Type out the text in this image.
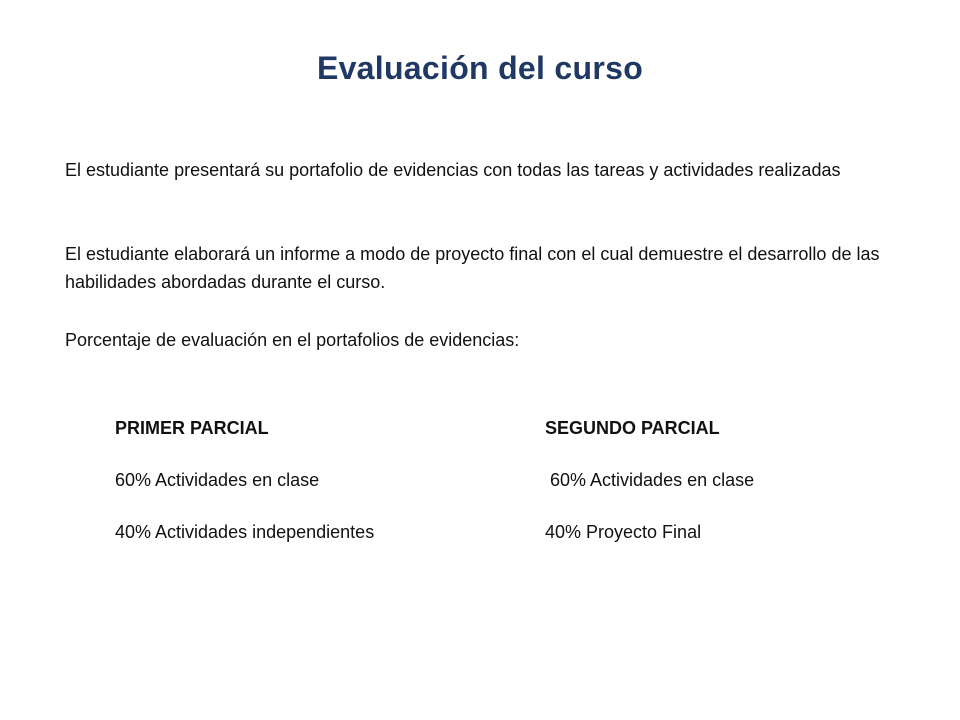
Evaluación del curso
El estudiante presentará su portafolio de evidencias con todas las tareas y actividades realizadas
El estudiante elaborará un informe a modo de proyecto final con el cual demuestre el desarrollo de las habilidades abordadas durante el curso.
Porcentaje de evaluación en el portafolios de evidencias:
PRIMER PARCIAL
60% Actividades en clase
40% Actividades independientes
SEGUNDO PARCIAL
60% Actividades en clase
40% Proyecto Final
